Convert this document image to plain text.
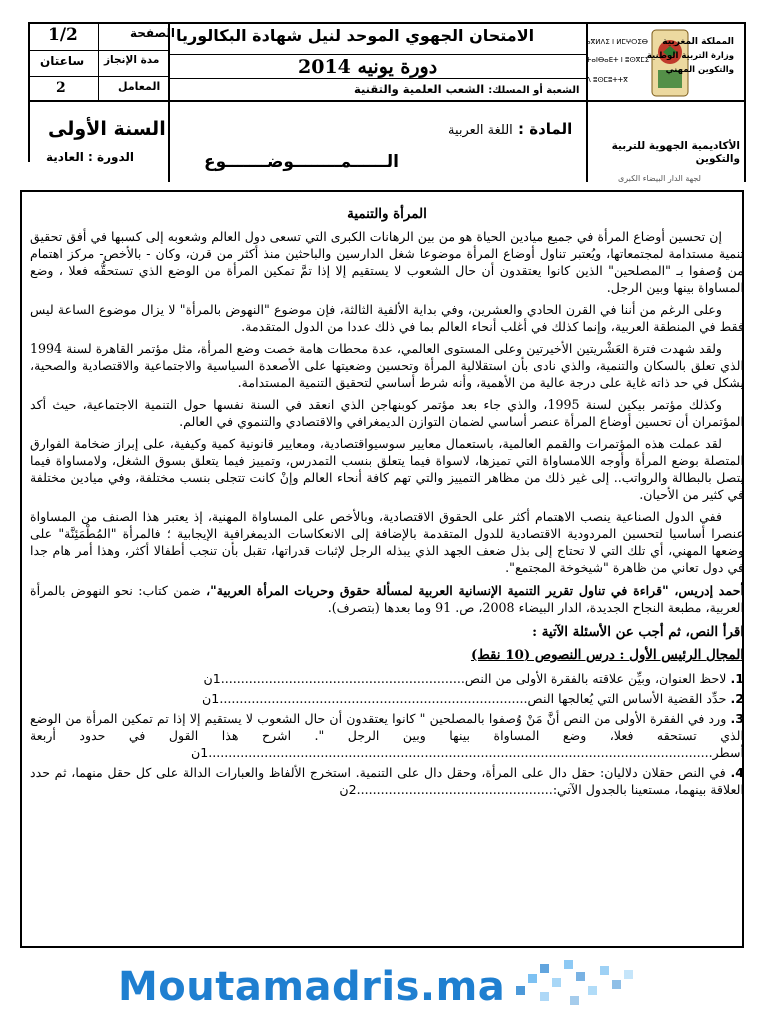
الصفحة
1/2
مدة الإنجاز
ساعتان
المعامل
2
الامتحان الجهوي الموحد لنيل شهادة البكالوريا
دورة يونيه 2014
الشعبة أو المسلك: الشعب العلمية والتقنية
السنة الأولى
الدورة : العادية
المادة : اللغة العربية
الــــــمــــــــوضـــــــوع
الأكاديمية الجهوية للتربية والتكوين
لجهة الدار البيضاء الكبرى
المملكة المغربية
وزارة التربية الوطنية
والتكوين المهني
ⴰⴳⵍⴷⵉ ⵏ ⵍⵎⵖⵔⵉⴱ
ⵜⴰⵏⴱⴰⴹⵜ ⵏ ⵓⵙⴳⵎⵉ
ⴷ ⵓⵙⵎⵓⵜⵜⴳ

المرأة والتنمية

إن تحسين أوضاع المرأة في جميع ميادين الحياة هو من بين الرهانات الكبرى التي تسعى دول العالم وشعوبه إلى كسبها في أفق تحقيق تنمية مستدامة لمجتمعاتها، ويُعتبر تناول أوضاع المرأة موضوعا شغل الدارسين والباحثين منذ أكثر من قرن، وكان - بالأخص- مركز اهتمام من وُصفوا بـ "المصلحين" الذين كانوا يعتقدون أن حال الشعوب لا يستقيم إلا إذا تمَّ تمكين المرأة من الوضع الذي تستحقُّه فعلا ، وضع المساواة بينها وبين الرجل.

وعلى الرغم من أننا في القرن الحادي والعشرين، وفي بداية الألفية الثالثة، فإن موضوع "النهوض بالمرأة" لا يزال موضوع الساعة ليس فقط في المنطقة العربية، وإنما كذلك في أغلب أنحاء العالم بما في ذلك عددا من الدول المتقدمة.

ولقد شهدت فترة العَشْريتين الأخيرتين وعلى المستوى العالمي، عدة محطات هامة خصت وضع المرأة، مثل مؤتمر القاهرة لسنة 1994 الذي تعلق بالسكان والتنمية، والذي نادى بأن استقلالية المرأة وتحسين وضعيتها على الأصعدة السياسية والاجتماعية والاقتصادية والصحية، يشكل في حد ذاته غاية على درجة عالية من الأهمية، وأنه شرط أساسي لتحقيق التنمية المستدامة.

وكذلك مؤتمر بيكين لسنة 1995، والذي جاء بعد مؤتمر كوبنهاجن الذي انعقد في السنة نفسها حول التنمية الاجتماعية، حيث أكد المؤتمران أن تحسين أوضاع المرأة عنصر أساسي لضمان التوازن الديمغرافي والاقتصادي والتنموي في العالم.

لقد عملت هذه المؤتمرات والقمم العالمية، باستعمال معايير سوسيواقتصادية، ومعايير قانونية كمية وكيفية، على إبراز ضخامة الفوارق المتصلة بوضع المرأة وأوجه اللامساواة التي تميزها، لاسواة فيما يتعلق بنسب التمدرس، وتمييز فيما يتعلق بسوق الشغل، ولامساواة فيما يتصل بالبطالة والرواتب.. إلى غير ذلك من مظاهر التمييز والتي تهم كافة أنحاء العالم وإنْ كانت تتجلى بنسب مختلفة، وفي ميادين مختلفة في كثير من الأحيان.

ففي الدول الصناعية ينصب الاهتمام أكثر على الحقوق الاقتصادية، وبالأخص على المساواة المهنية، إذ يعتبر هذا الصنف من المساواة عنصرا أساسيا لتحسين المردودية الاقتصادية للدول المتقدمة بالإضافة إلى الانعكاسات الديمغرافية الإيجابية ؛ فالمرأة "المُطْمَئِنَّة" على وضعها المهني، أي تلك التي لا تحتاج إلى بذل ضعف الجهد الذي يبذله الرجل لإثبات قدراتها، تقبل بأن تنجب أطفالا أكثر، وهذا أمر هام جدا في دول تعاني من ظاهرة "شيخوخة المجتمع".

أحمد إدريس، "قراءة في تناول تقرير التنمية الإنسانية العربية لمسألة حقوق وحريات المرأة العربية"، ضمن كتاب: نحو النهوض بالمرأة العربية، مطبعة النجاح الجديدة، الدار البيضاء 2008، ص. 91 وما بعدها (بتصرف).

اقرأ النص، ثم أجب عن الأسئلة الآتية :

المجال الرئيس الأول : درس النصوص (10 نقط)

1. لاحظ العنوان، وبيِّن علاقته بالفقرة الأولى من النص.............................................................1ن

2. حدِّد القضية الأساس التي يُعالجها النص.............................................................................1ن

3. ورد في الفقرة الأولى من النص أنَّ مَنْ وُصفوا بالمصلحين " كانوا يعتقدون أن حال الشعوب لا يستقيم إلا إذا تم تمكين المرأة من الوضع الذي تستحقه فعلا، وضع المساواة بينها وبين الرجل ". اشرح هذا القول في حدود أربعة أسطر..............................................................................................................................1ن

4. في النص حقلان دلاليان: حقل دال على المرأة، وحقل دال على التنمية. استخرج الألفاظ والعبارات الدالة على كل حقل منهما، ثم حدد العلاقة بينهما، مستعينا بالجدول الآتي:.................................................2ن

Moutamadris.ma
